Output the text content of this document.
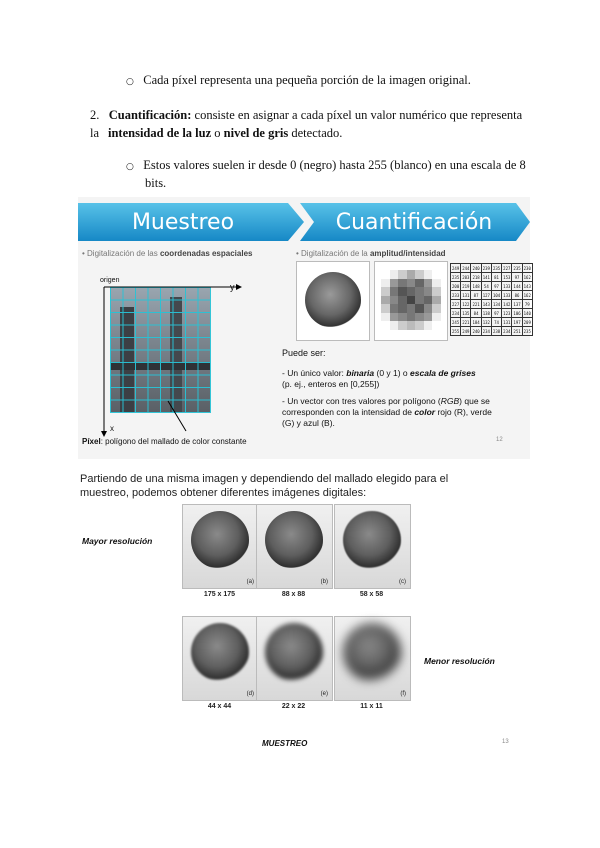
○ Cada píxel representa una pequeña porción de la imagen original.
2. Cuantificación: consiste en asignar a cada píxel un valor numérico que representa la intensidad de la luz o nivel de gris detectado.
○ Estos valores suelen ir desde 0 (negro) hasta 255 (blanco) en una escala de 8
bits.
Muestreo	Cuantificación
• Digitalización de las coordenadas espaciales	• Digitalización de la amplitud/intensidad
origen
y
x
Píxel: polígono del mallado de color constante
249	244	240	239	235	227	235	230
235	203	218	141	81	153	97	162
200	219	148	54	97	133	144	143
233	131	87	127	104	133	86	162
227	122	221	143	134	142	137	79
234	135	84	138	97	123	106	140
245	221	184	132	74	131	197	209
255	249	240	234	238	234	251	235
Puede ser:
- Un único valor: binaria (0 y 1) o escala de grises
(p. ej., enteros en [0,255])
- Un vector con tres valores por polígono (RGB) que se
corresponden con la intensidad de color rojo (R), verde
(G) y azul (B).
12
Partiendo de una misma imagen y dependiendo del mallado elegido para el
muestreo, podemos obtener diferentes imágenes digitales:
Mayor resolución
Menor resolución
(a)
175 x 175
(b)
88 x 88
(c)
58 x 58
(d)
44 x 44
(e)
22 x 22
(f)
11 x 11
MUESTREO	13
